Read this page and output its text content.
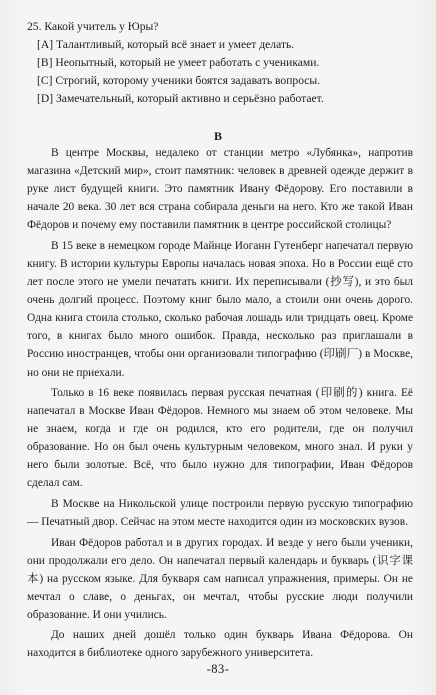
25. Какой учитель у Юры?
[A] Талантливый, который всё знает и умеет делать.
[B] Неопытный, который не умеет работать с учениками.
[C] Строгий, которому ученики боятся задавать вопросы.
[D] Замечательный, который активно и серьёзно работает.
B

В центре Москвы, недалеко от станции метро «Лубянка», напротив магазина «Детский мир», стоит памятник: человек в древней одежде держит в руке лист будущей книги. Это памятник Ивану Фёдорову. Его поставили в начале 20 века. 30 лет вся страна собирала деньги на него. Кто же такой Иван Фёдоров и почему ему поставили памятник в центре российской столицы?

В 15 веке в немецком городе Майнце Иоганн Гутенберг напечатал первую книгу. В истории культуры Европы началась новая эпоха. Но в России ещё сто лет после этого не умели печатать книги. Их переписывали (抄写), и это был очень долгий процесс. Поэтому книг было мало, а стоили они очень дорого. Одна книга стоила столько, сколько рабочая лошадь или тридцать овец. Кроме того, в книгах было много ошибок. Правда, несколько раз приглашали в Россию иностранцев, чтобы они организовали типографию (印刷厂) в Москве, но они не приехали.

Только в 16 веке появилась первая русская печатная (印刷的) книга. Её напечатал в Москве Иван Фёдоров. Немного мы знаем об этом человеке. Мы не знаем, когда и где он родился, кто его родители, где он получил образование. Но он был очень культурным человеком, много знал. И руки у него были золотые. Всё, что было нужно для типографии, Иван Фёдоров сделал сам.

В Москве на Никольской улице построили первую русскую типографию — Печатный двор. Сейчас на этом месте находится один из московских вузов.

Иван Фёдоров работал и в других городах. И везде у него были ученики, они продолжали его дело. Он напечатал первый календарь и букварь (识字课本) на русском языке. Для букваря сам написал упражнения, примеры. Он не мечтал о славе, о деньгах, он мечтал, чтобы русские люди получили образование. И они учились.

До наших дней дошёл только один букварь Ивана Фёдорова. Он находится в библиотеке одного зарубежного университета.

-83-
